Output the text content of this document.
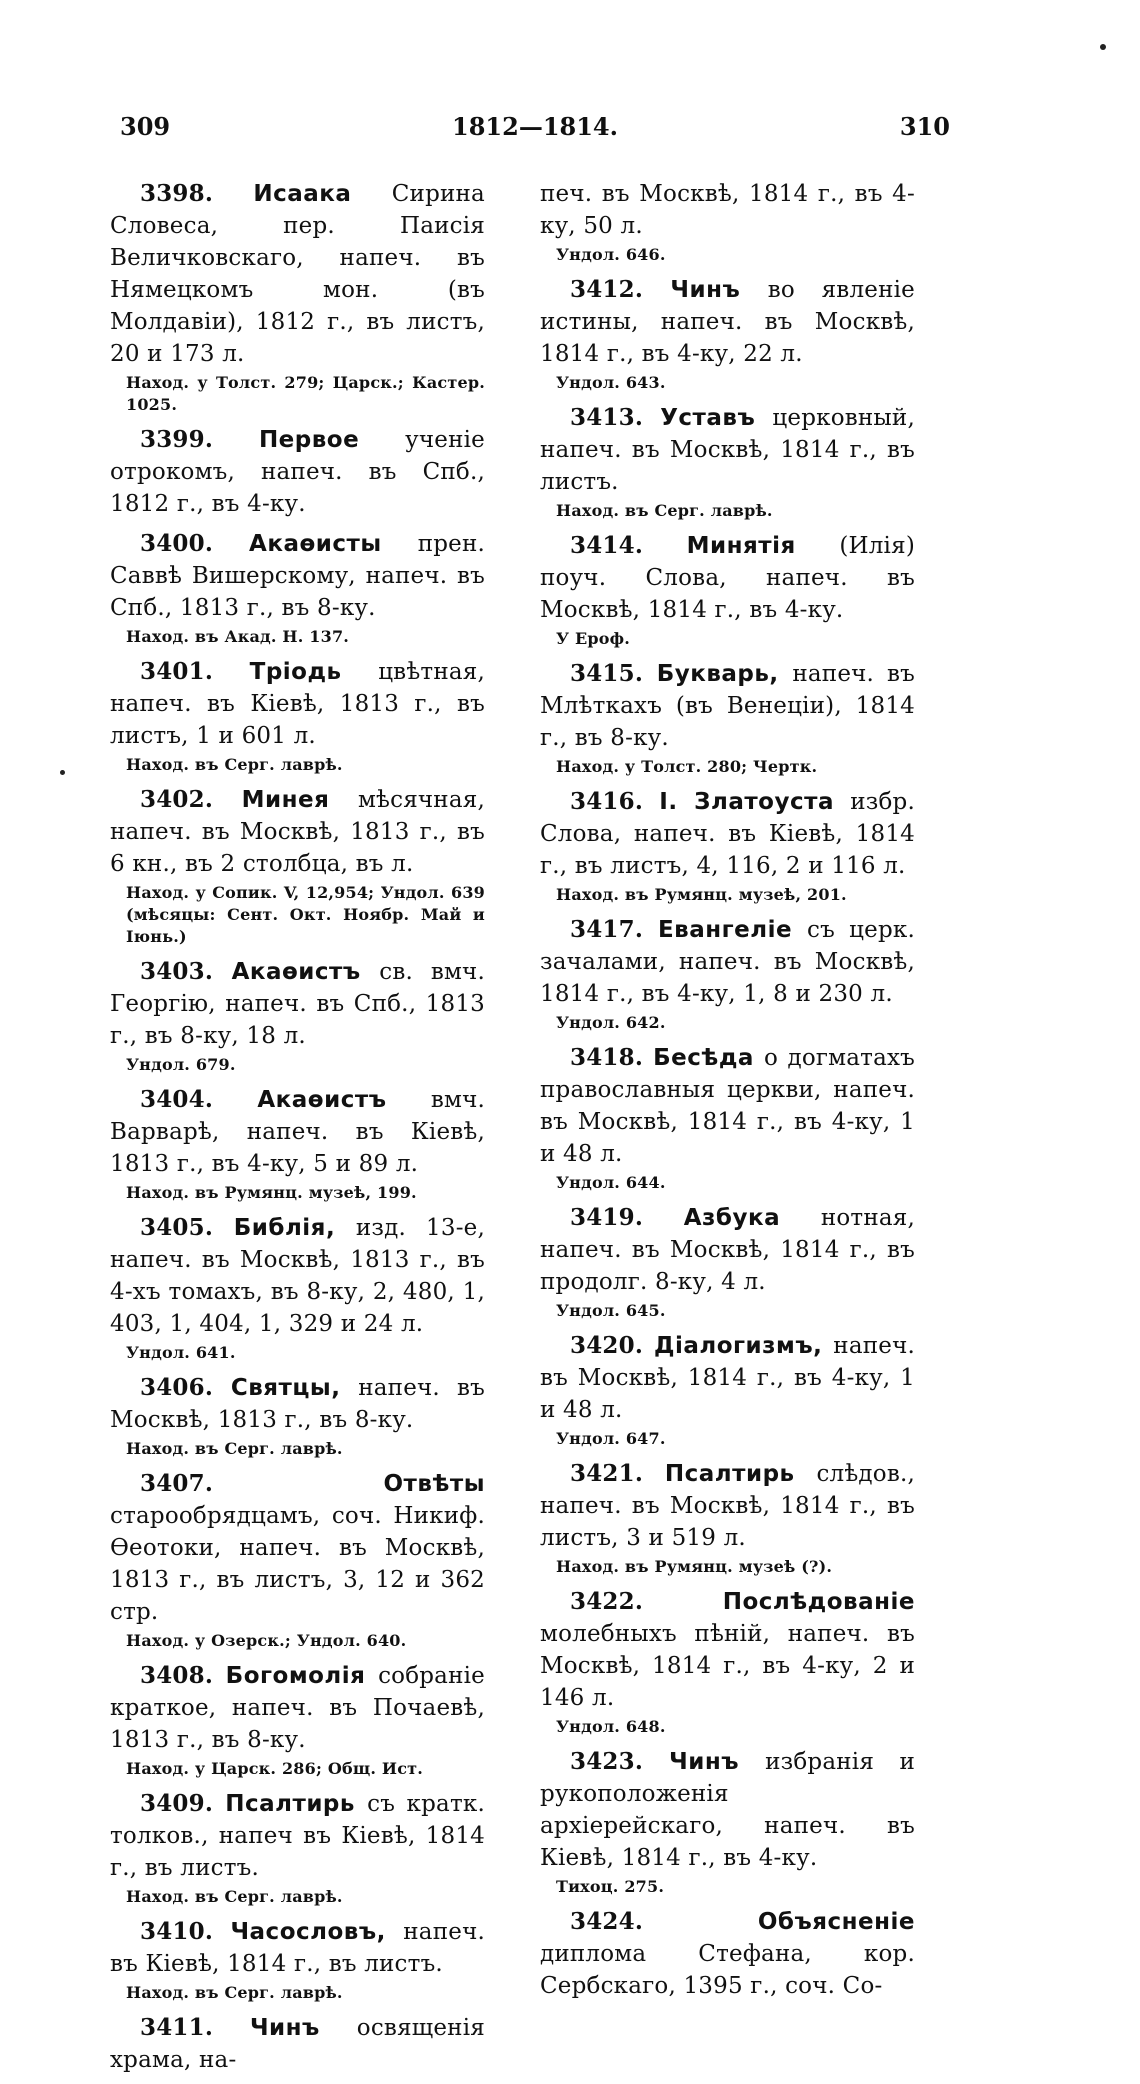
309	1812—1814.	310
3398. Исаака Сирина Словеса, пер. Паисія Величковскаго, напеч. въ Нямецкомъ мон. (въ Молдавіи), 1812 г., въ листъ, 20 и 173 л.
Наход. у Толст. 279; Царск.; Кастер. 1025.
3399. Первое ученіе отрокомъ, напеч. въ Спб., 1812 г., въ 4-ку.
3400. Акаѳисты прен. Саввѣ Вишерскому, напеч. въ Спб., 1813 г., въ 8-ку.
Наход. въ Акад. Н. 137.
3401. Тріодь цвѣтная, напеч. въ Кіевѣ, 1813 г., въ листъ, 1 и 601 л.
Наход. въ Серг. лаврѣ.
3402. Минея мѣсячная, напеч. въ Москвѣ, 1813 г., въ 6 кн., въ 2 столбца, въ л.
Наход. у Сопик. V, 12,954; Ундол. 639 (мѣсяцы: Сент. Окт. Ноябр. Май и Іюнь.)
3403. Акаѳистъ св. вмч. Георгію, напеч. въ Спб., 1813 г., въ 8-ку, 18 л.
Ундол. 679.
3404. Акаѳистъ вмч. Варварѣ, напеч. въ Кіевѣ, 1813 г., въ 4-ку, 5 и 89 л.
Наход. въ Румянц. музеѣ, 199.
3405. Библія, изд. 13-е, напеч. въ Москвѣ, 1813 г., въ 4-хъ томахъ, въ 8-ку, 2, 480, 1, 403, 1, 404, 1, 329 и 24 л.
Ундол. 641.
3406. Святцы, напеч. въ Москвѣ, 1813 г., въ 8-ку.
Наход. въ Серг. лаврѣ.
3407.	Отвѣты старообрядцамъ, соч. Никиф. Ѳеотоки, напеч. въ Москвѣ, 1813 г., въ листъ, 3, 12 и 362 стр.
Наход. у Озерск.; Ундол. 640.
3408. Богомолія собраніе краткое, напеч. въ Почаевѣ, 1813 г., въ 8-ку.
Наход. у Царск. 286; Общ. Ист.
3409. Псалтирь съ кратк. толков., напеч въ Кіевѣ, 1814 г., въ листъ.
Наход. въ Серг. лаврѣ.
3410. Часословъ, напеч. въ Кіевѣ, 1814 г., въ листъ.
Наход. въ Серг. лаврѣ.
3411. Чинъ освященія храма, на-
печ. въ Москвѣ, 1814 г., въ 4-ку, 50 л.
Ундол. 646.
3412. Чинъ во явленіе истины, напеч. въ Москвѣ, 1814 г., въ 4-ку, 22 л.
Ундол. 643.
3413. Уставъ церковный, напеч. въ Москвѣ, 1814 г., въ листъ.
Наход. въ Серг. лаврѣ.
3414. Минятія (Илія) поуч. Слова, напеч. въ Москвѣ, 1814 г., въ 4-ку.
У Ероф.
3415. Букварь, напеч. въ Млѣткахъ (въ Венеціи), 1814 г., въ 8-ку.
Наход. у Толст. 280; Чертк.
3416. І. Златоуста избр. Слова, напеч. въ Кіевѣ, 1814 г., въ листъ, 4, 116, 2 и 116 л.
Наход. въ Румянц. музеѣ, 201.
3417. Евангеліе съ церк. зачалами, напеч. въ Москвѣ, 1814 г., въ 4-ку, 1, 8 и 230 л.
Ундол. 642.
3418. Бесѣда о догматахъ православныя церкви, напеч. въ Москвѣ, 1814 г., въ 4-ку, 1 и 48 л.
Ундол. 644.
3419. Азбука нотная, напеч. въ Москвѣ, 1814 г., въ продолг. 8-ку, 4 л.
Ундол. 645.
3420. Діалогизмъ, напеч. въ Москвѣ, 1814 г., въ 4-ку, 1 и 48 л.
Ундол. 647.
3421. Псалтирь слѣдов., напеч. въ Москвѣ, 1814 г., въ листъ, 3 и 519 л.
Наход. въ Румянц. музеѣ (?).
3422.	Послѣдованіе молебныхъ пѣній, напеч. въ Москвѣ, 1814 г., въ 4-ку, 2 и 146 л.
Ундол. 648.
3423. Чинъ избранія и рукоположенія архіерейскаго, напеч. въ Кіевѣ, 1814 г., въ 4-ку.
Тихоц. 275.
3424.	Объясненіе диплома Стефана, кор. Сербскаго, 1395 г., соч. Со-
